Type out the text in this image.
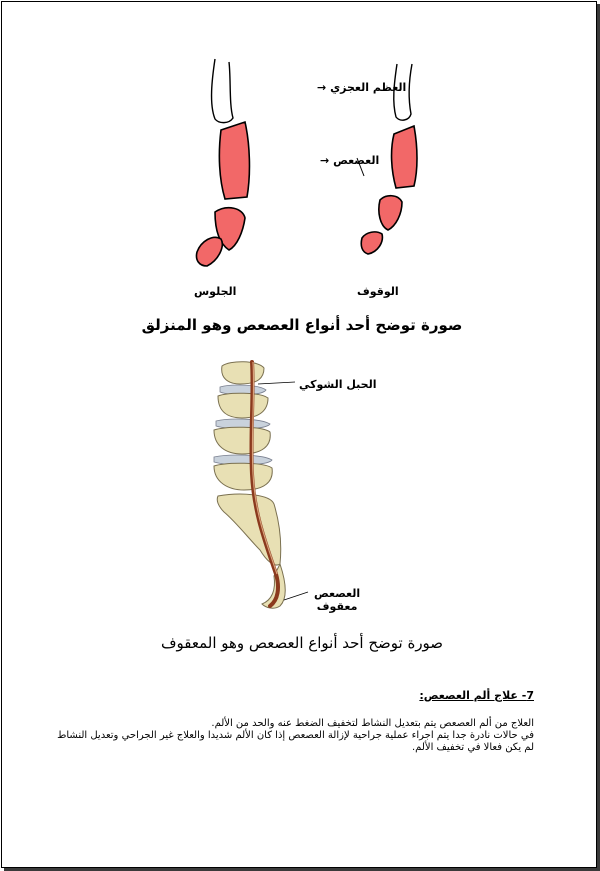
العظم العجزي →
العصعص →
الجلوس	الوقوف
صورة توضح أحد أنواع العصعص وهو المنزلق
الحبل الشوكي
العصعص
معقوف
صورة توضح أحد أنواع العصعص وهو المعقوف
7- علاج ألم العصعص:

العلاج من ألم العصعص يتم بتعديل النشاط لتخفيف الضغط عنه والحد من الألم.

في حالات نادرة جدا يتم اجراء عملية جراحية لإزالة العصعص إذا كان الألم شديدا والعلاج غير الجراحي وتعديل النشاط لم يكن فعالا في تخفيف الألم.
